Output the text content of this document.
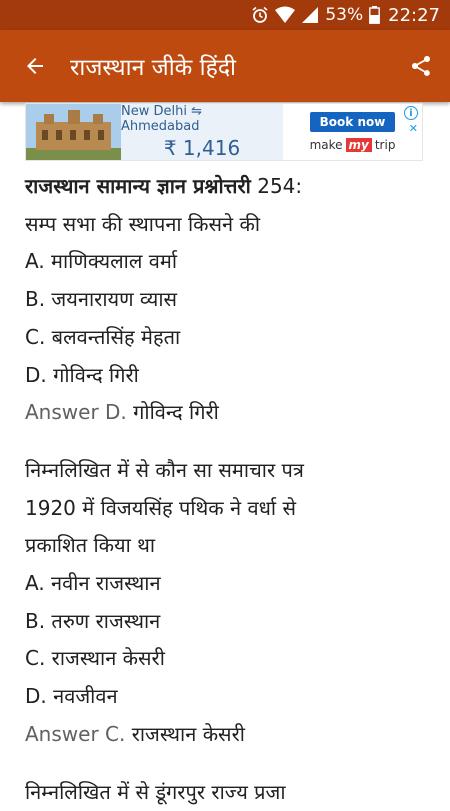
53% 22:27
राजस्थान जीके हिंदी
New Delhi ⇋ Ahmedabad
₹ 1,416
i
✕
Book now
make my trip
राजस्थान सामान्य ज्ञान प्रश्नोत्तरी 254:
सम्प सभा की स्थापना किसने की
A. माणिक्यलाल वर्मा
B. जयनारायण व्यास
C. बलवन्तसिंह मेहता
D. गोविन्द गिरी
Answer D. गोविन्द गिरी
निम्नलिखित में से कौन सा समाचार पत्र
1920 में विजयसिंह पथिक ने वर्धा से
प्रकाशित किया था
A. नवीन राजस्थान
B. तरुण राजस्थान
C. राजस्थान केसरी
D. नवजीवन
Answer C. राजस्थान केसरी
निम्नलिखित में से डूंगरपुर राज्य प्रजा
